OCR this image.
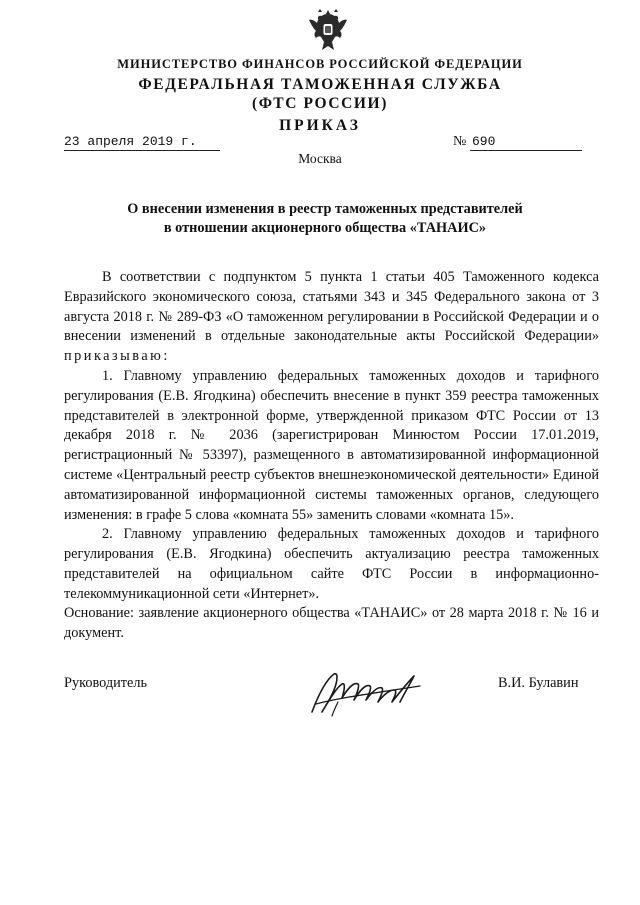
МИНИСТЕРСТВО ФИНАНСОВ РОССИЙСКОЙ ФЕДЕРАЦИИ
ФЕДЕРАЛЬНАЯ ТАМОЖЕННАЯ СЛУЖБА
(ФТС РОССИИ)
ПРИКАЗ
23 апреля 2019 г.	№ 690
Москва
О внесении изменения в реестр таможенных представителей
в отношении акционерного общества «ТАНАИС»

В соответствии с подпунктом 5 пункта 1 статьи 405 Таможенного кодекса Евразийского экономического союза, статьями 343 и 345 Федерального закона от 3 августа 2018 г. № 289-ФЗ «О таможенном регулировании в Российской Федерации и о внесении изменений в отдельные законодательные акты Российской Федерации» приказываю:

1. Главному управлению федеральных таможенных доходов и тарифного регулирования (Е.В. Ягодкина) обеспечить внесение в пункт 359 реестра таможенных представителей в электронной форме, утвержденной приказом ФТС России от 13 декабря 2018 г. № 2036 (зарегистрирован Минюстом России 17.01.2019, регистрационный № 53397), размещенного в автоматизированной информационной системе «Центральный реестр субъектов внешнеэкономической деятельности» Единой автоматизированной информационной системы таможенных органов, следующего изменения: в графе 5 слова «комната 55» заменить словами «комната 15».

2. Главному управлению федеральных таможенных доходов и тарифного регулирования (Е.В. Ягодкина) обеспечить актуализацию реестра таможенных представителей на официальном сайте ФТС России в информационно-телекоммуникационной сети «Интернет».

Основание: заявление акционерного общества «ТАНАИС» от 28 марта 2018 г. № 16 и документ.

Руководитель	В.И. Булавин
